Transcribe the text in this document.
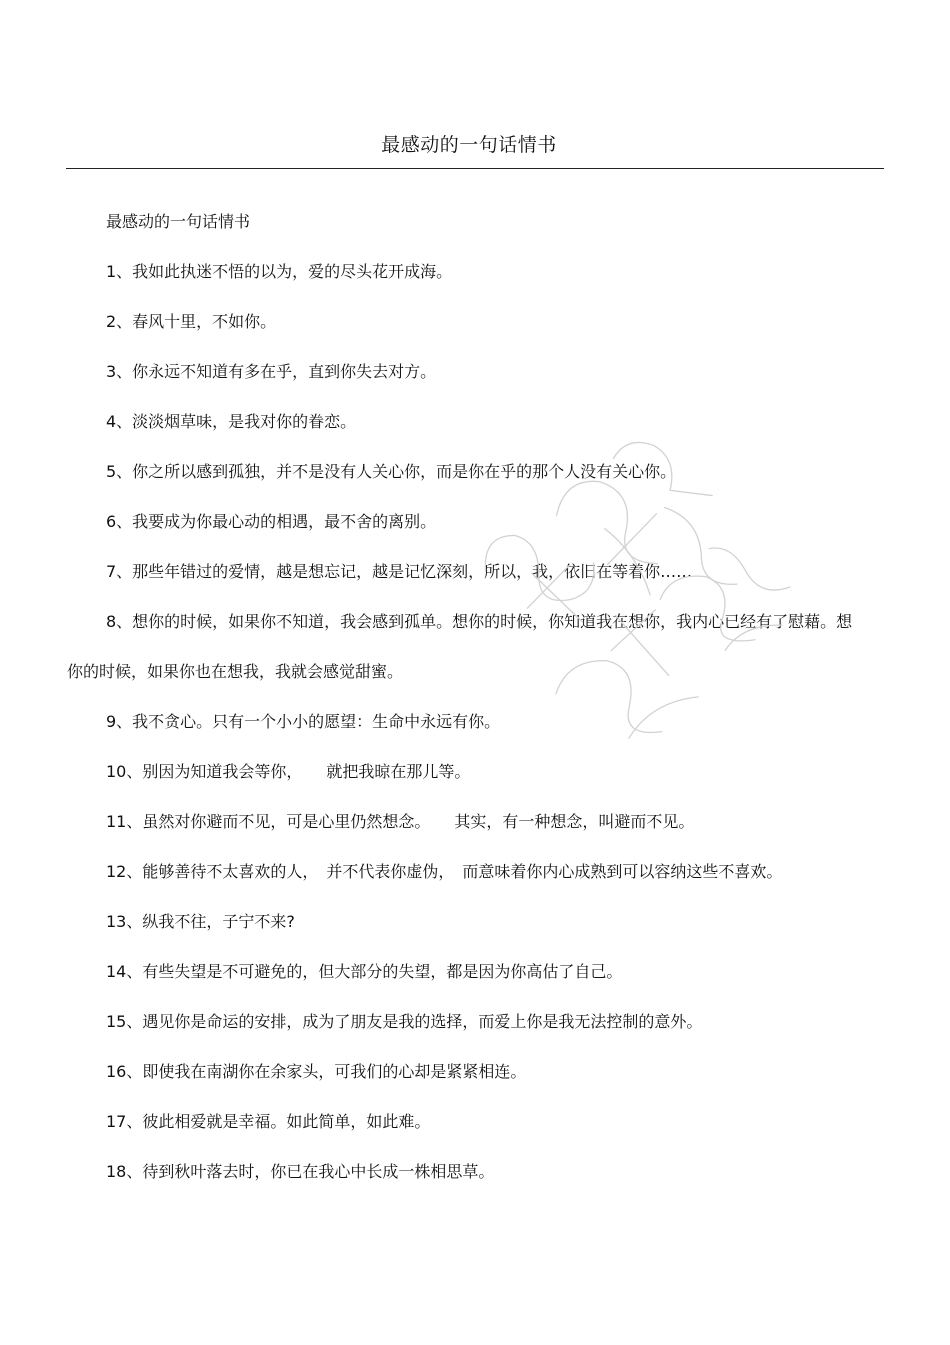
最感动的一句话情书

最感动的一句话情书

1、我如此执迷不悟的以为，爱的尽头花开成海。

2、春风十里，不如你。

3、你永远不知道有多在乎，直到你失去对方。

4、淡淡烟草味，是我对你的眷恋。

5、你之所以感到孤独，并不是没有人关心你，而是你在乎的那个人没有关心你。

6、我要成为你最心动的相遇，最不舍的离别。

7、那些年错过的爱情，越是想忘记，越是记忆深刻，所以，我，依旧在等着你……

8、想你的时候，如果你不知道，我会感到孤单。想你的时候，你知道我在想你，我内心已经有了慰藉。想你的时候，如果你也在想我，我就会感觉甜蜜。

9、我不贪心。只有一个小小的愿望：生命中永远有你。

10、别因为知道我会等你，　　就把我晾在那儿等。

11、虽然对你避而不见，可是心里仍然想念。　　其实，有一种想念，叫避而不见。

12、能够善待不太喜欢的人，　并不代表你虚伪，　而意味着你内心成熟到可以容纳这些不喜欢。

13、纵我不往，子宁不来?

14、有些失望是不可避免的，但大部分的失望，都是因为你高估了自己。

15、遇见你是命运的安排，成为了朋友是我的选择，而爱上你是我无法控制的意外。

16、即使我在南湖你在余家头，可我们的心却是紧紧相连。

17、彼此相爱就是幸福。如此简单，如此难。

18、待到秋叶落去时，你已在我心中长成一株相思草。
